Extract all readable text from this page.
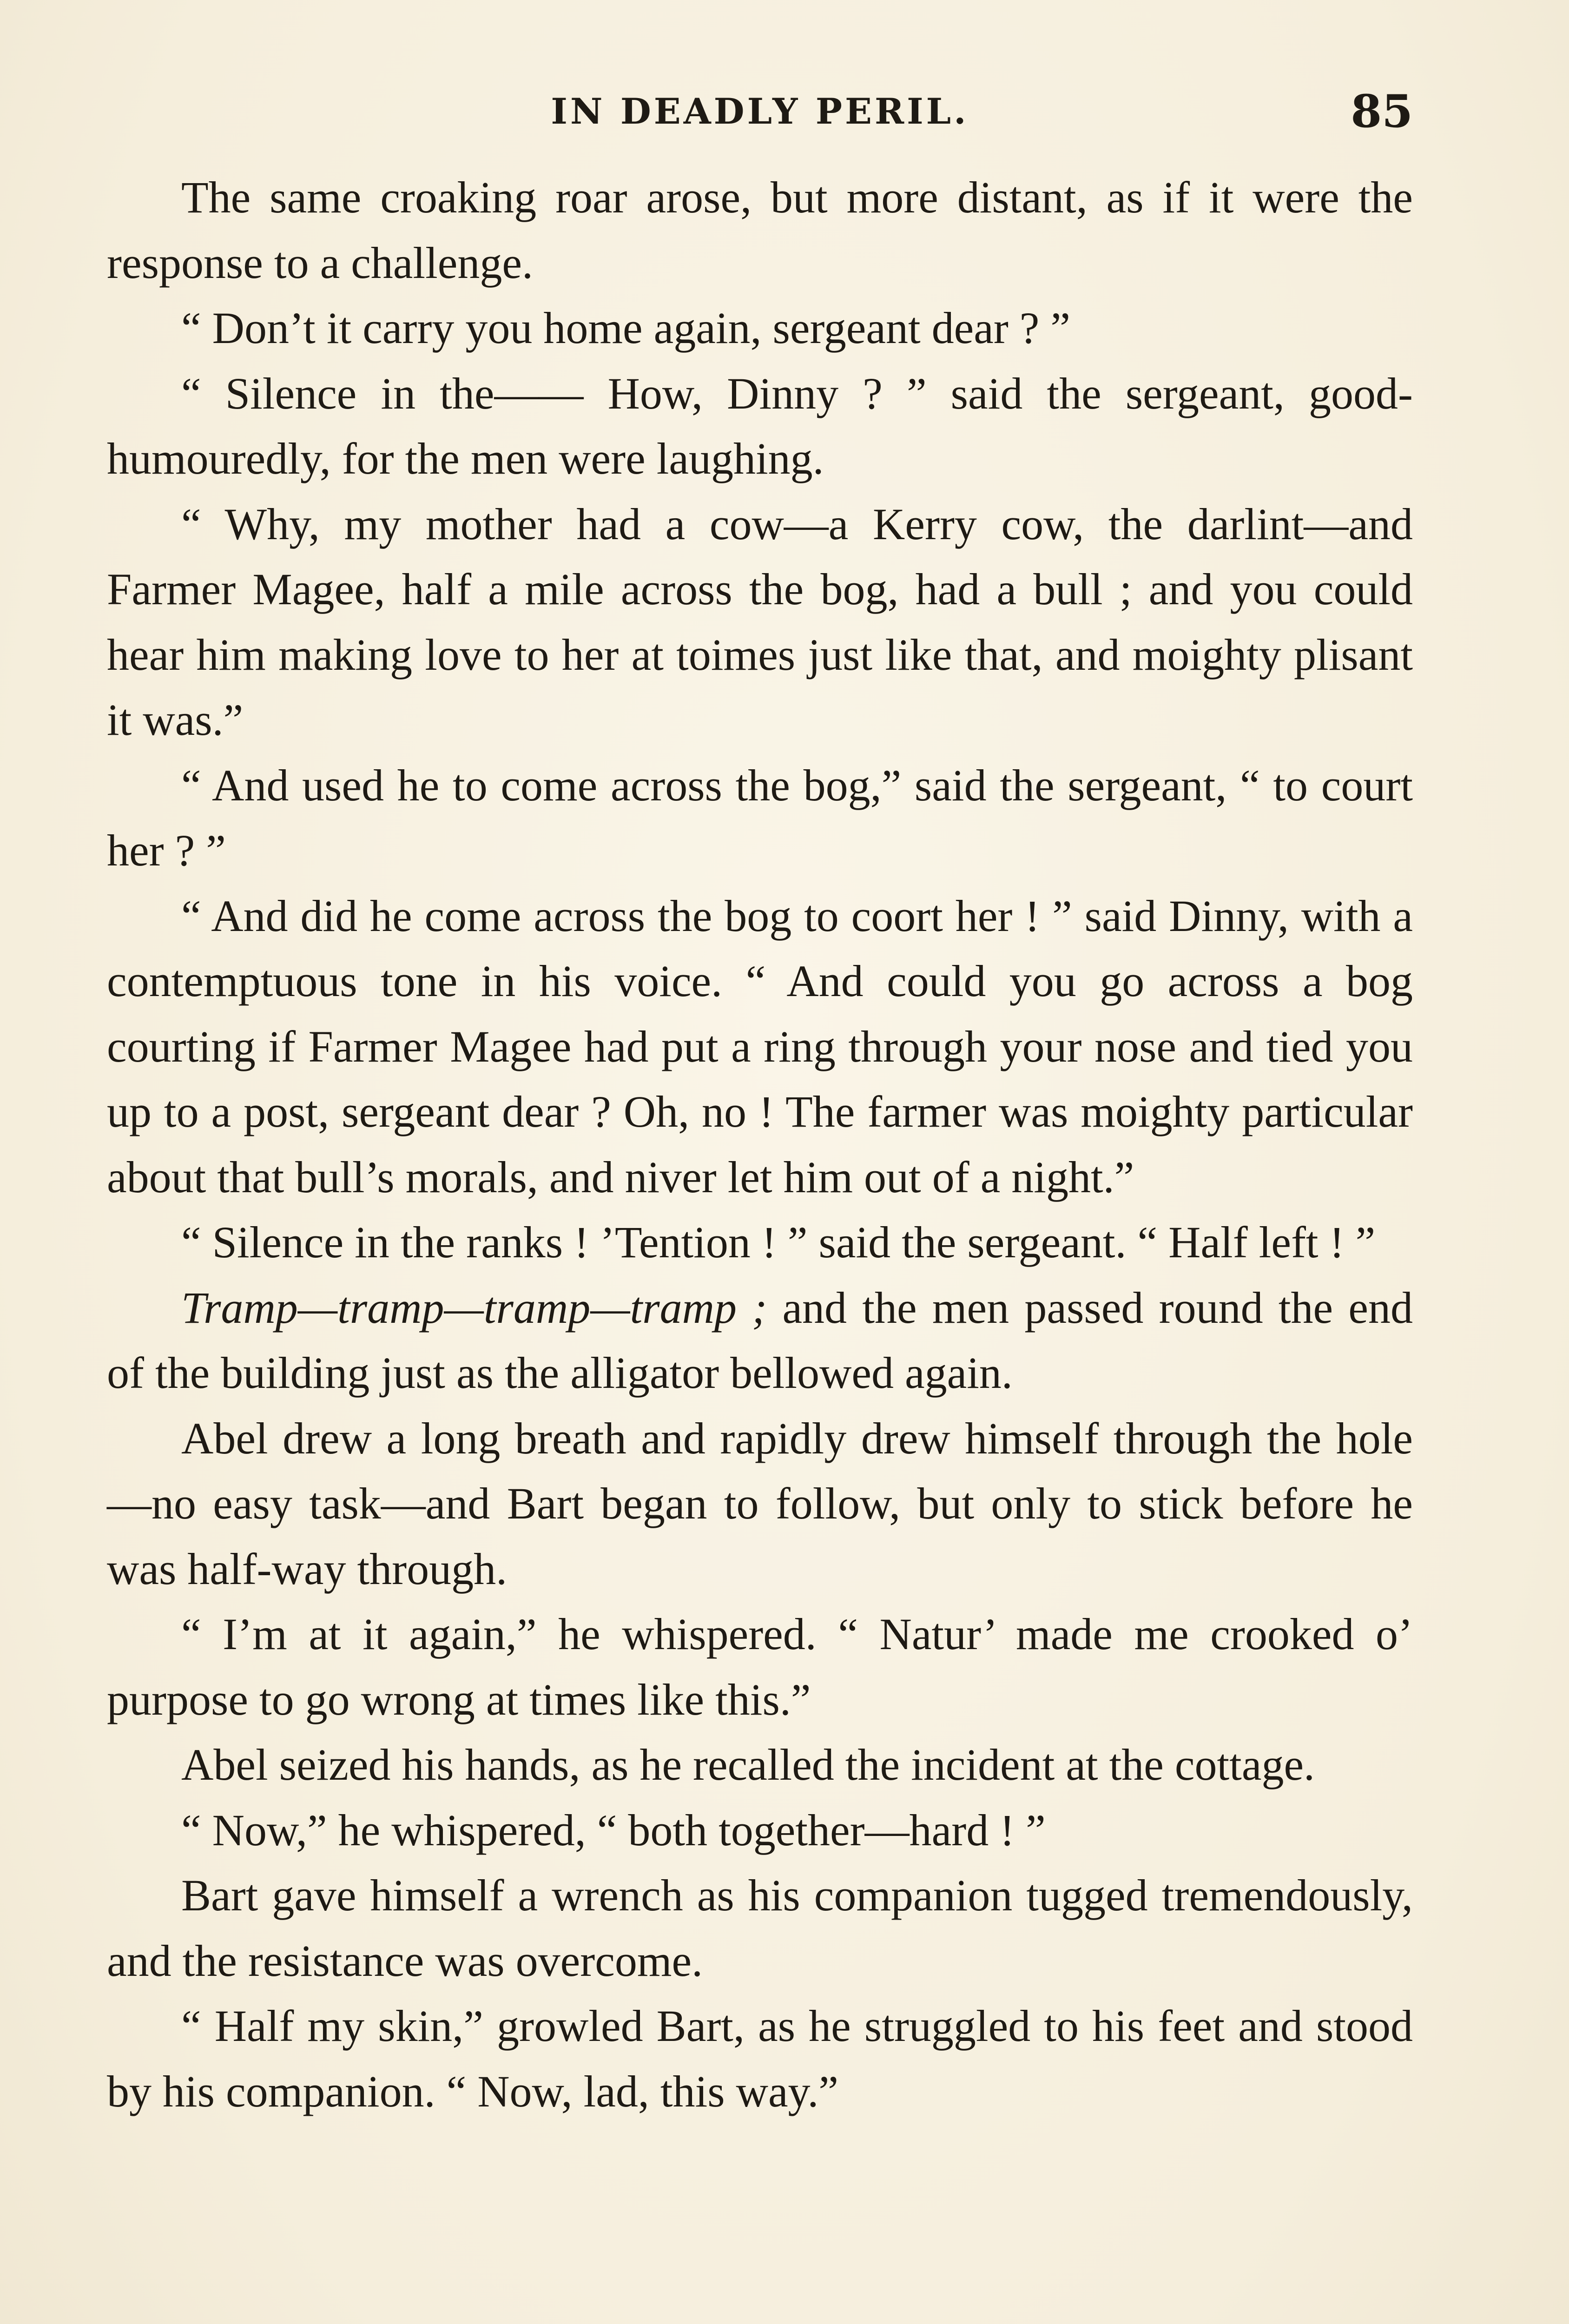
IN DEADLY PERIL.	85

The same croaking roar arose, but more distant, as if it were the response to a challenge.

“ Don’t it carry you home again, sergeant dear ? ”

“ Silence in the—— How, Dinny ? ” said the sergeant, good-humouredly, for the men were laughing.

“ Why, my mother had a cow—a Kerry cow, the darlint—and Farmer Magee, half a mile across the bog, had a bull ; and you could hear him making love to her at toimes just like that, and moighty plisant it was.”

“ And used he to come across the bog,” said the sergeant, “ to court her ? ”

“ And did he come across the bog to coort her ! ” said Dinny, with a contemptuous tone in his voice. “ And could you go across a bog courting if Farmer Magee had put a ring through your nose and tied you up to a post, sergeant dear ? Oh, no ! The farmer was moighty particular about that bull’s morals, and niver let him out of a night.”

“ Silence in the ranks ! ’Tention ! ” said the sergeant. “ Half left ! ”

Tramp—tramp—tramp—tramp ; and the men passed round the end of the building just as the alligator bellowed again.

Abel drew a long breath and rapidly drew himself through the hole—no easy task—and Bart began to follow, but only to stick before he was half-way through.

“ I’m at it again,” he whispered. “ Natur’ made me crooked o’ purpose to go wrong at times like this.”

Abel seized his hands, as he recalled the incident at the cottage.

“ Now,” he whispered, “ both together—hard ! ”

Bart gave himself a wrench as his companion tugged tremendously, and the resistance was overcome.

“ Half my skin,” growled Bart, as he struggled to his feet and stood by his companion. “ Now, lad, this way.”
